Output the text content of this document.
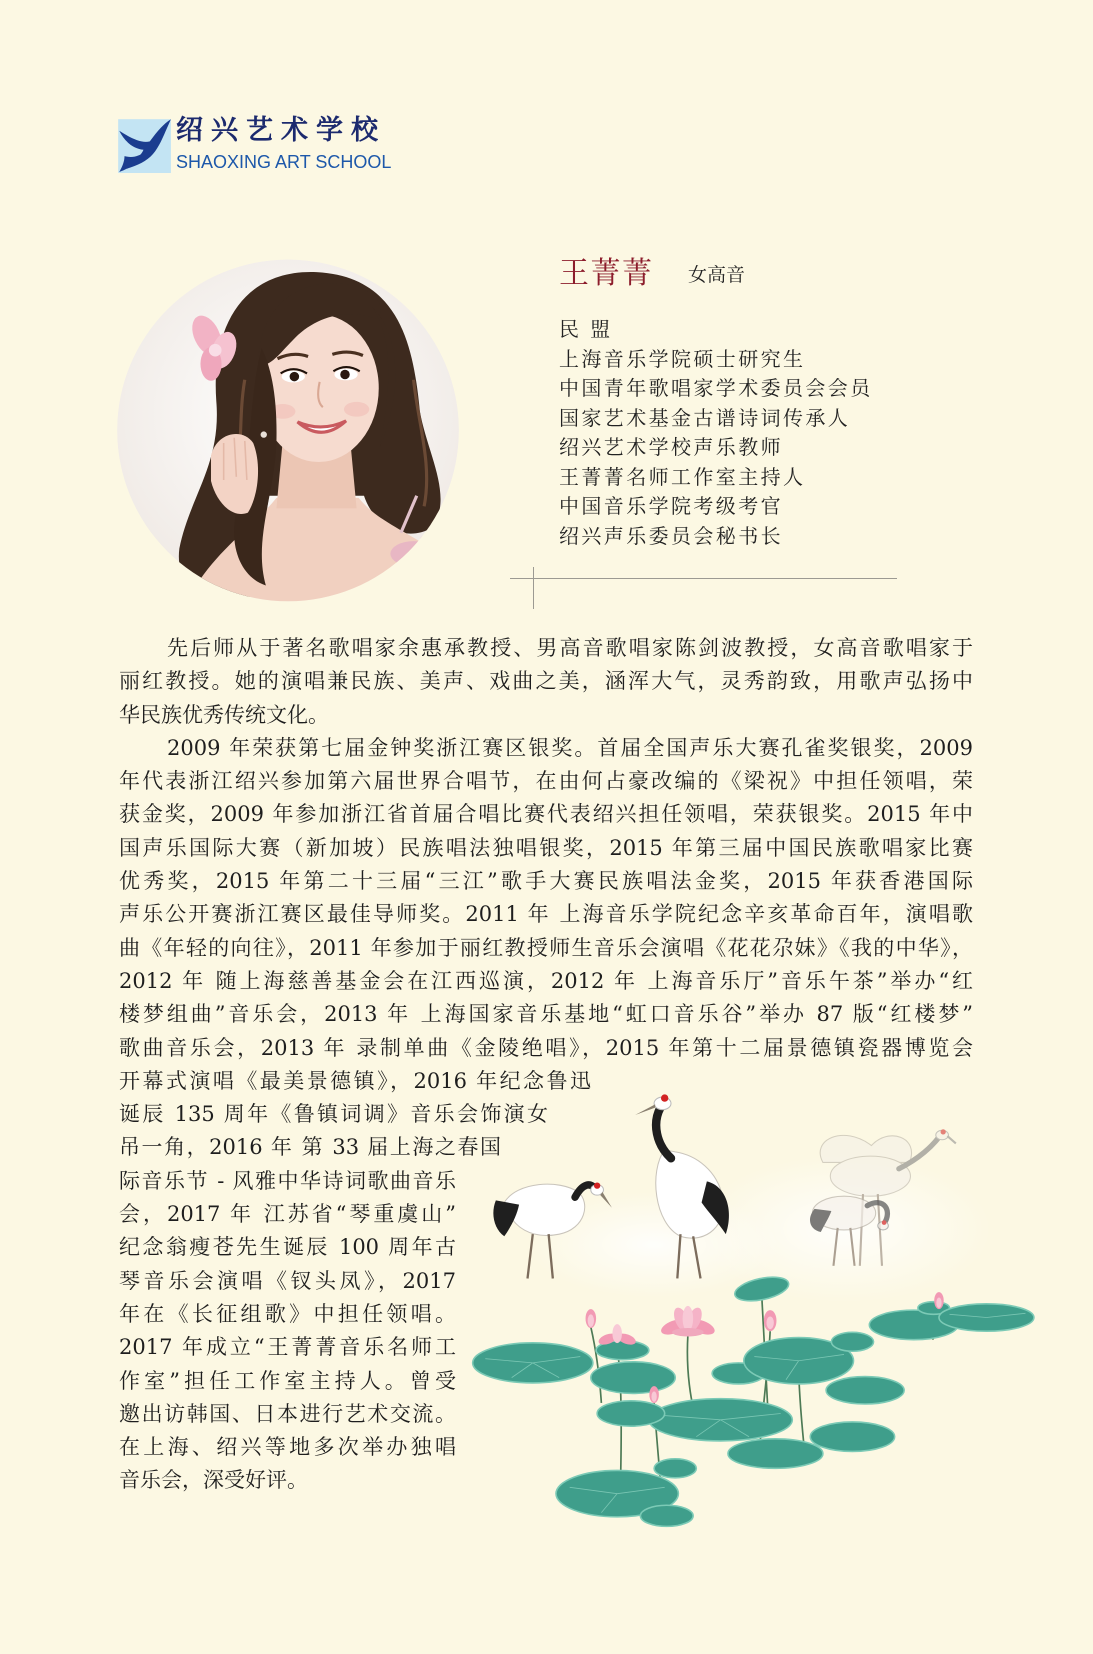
绍兴艺术学校
SHAOXING ART SCHOOL
王菁菁 女高音
民 盟
上海音乐学院硕士研究生
中国青年歌唱家学术委员会会员
国家艺术基金古谱诗词传承人
绍兴艺术学校声乐教师
王菁菁名师工作室主持人
中国音乐学院考级考官
绍兴声乐委员会秘书长
先后师从于著名歌唱家余惠承教授、男高音歌唱家陈剑波教授，女高音歌唱家于
丽红教授。她的演唱兼民族、美声、戏曲之美，涵浑大气，灵秀韵致，用歌声弘扬中
华民族优秀传统文化。
2009 年荣获第七届金钟奖浙江赛区银奖。首届全国声乐大赛孔雀奖银奖，2009
年代表浙江绍兴参加第六届世界合唱节，在由何占豪改编的《梁祝》中担任领唱，荣
获金奖，2009 年参加浙江省首届合唱比赛代表绍兴担任领唱，荣获银奖。2015 年中
国声乐国际大赛（新加坡）民族唱法独唱银奖，2015 年第三届中国民族歌唱家比赛
优秀奖，2015 年第二十三届“三江”歌手大赛民族唱法金奖，2015 年获香港国际
声乐公开赛浙江赛区最佳导师奖。2011 年 上海音乐学院纪念辛亥革命百年，演唱歌
曲《年轻的向往》，2011 年参加于丽红教授师生音乐会演唱《花花尕妹》《我的中华》，
2012 年 随上海慈善基金会在江西巡演，2012 年 上海音乐厅”音乐午茶”举办“红
楼梦组曲”音乐会，2013 年 上海国家音乐基地“虹口音乐谷”举办 87 版“红楼梦”
歌曲音乐会，2013 年 录制单曲《金陵绝唱》，2015 年第十二届景德镇瓷器博览会
开幕式演唱《最美景德镇》，2016 年纪念鲁迅
诞辰 135 周年《鲁镇词调》音乐会饰演女
吊一角，2016 年 第 33 届上海之春国
际音乐节 - 风雅中华诗词歌曲音乐
会，2017 年 江苏省“琴重虞山”
纪念翁瘦苍先生诞辰 100 周年古
琴音乐会演唱《钗头凤》，2017
年在《长征组歌》中担任领唱。
2017 年成立“王菁菁音乐名师工
作室”担任工作室主持人。曾受
邀出访韩国、日本进行艺术交流。
在上海、绍兴等地多次举办独唱
音乐会，深受好评。
